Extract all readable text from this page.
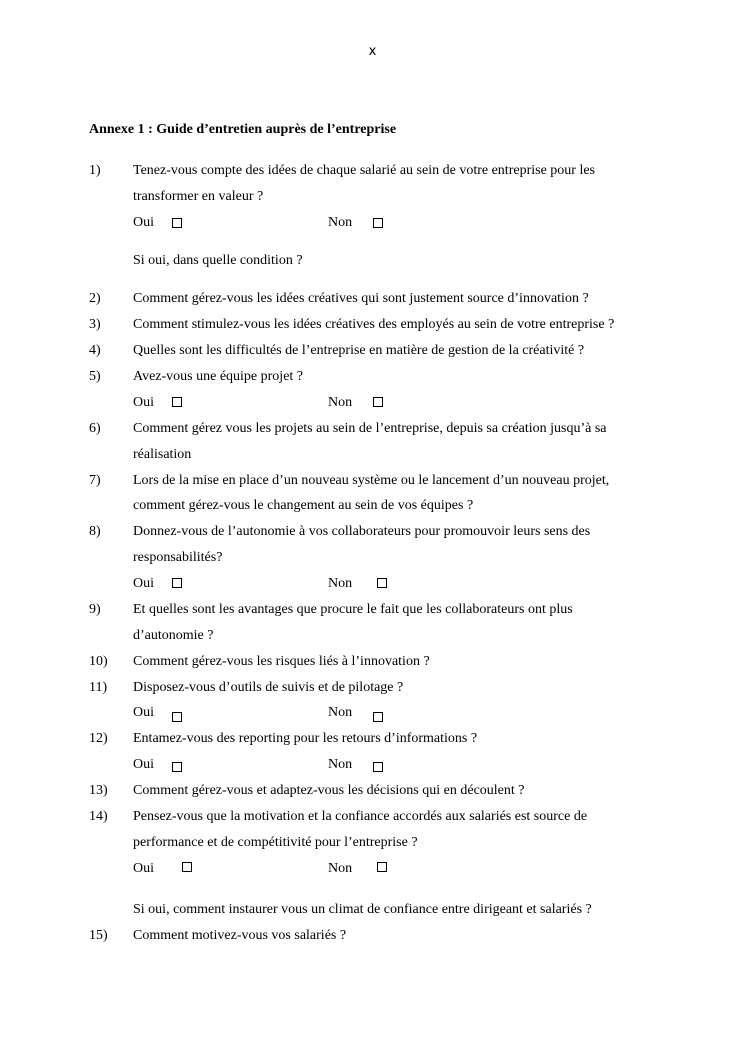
x
Annexe 1 : Guide d’entretien auprès de l’entreprise
1) Tenez-vous compte des idées de chaque salarié au sein de votre entreprise pour les
transformer en valeur ?
Oui	Non
Si oui, dans quelle condition ?
2) Comment gérez-vous les idées créatives qui sont justement source d’innovation ?
3) Comment stimulez-vous les idées créatives des employés au sein de votre entreprise ?
4) Quelles sont les difficultés de l’entreprise en matière de gestion de la créativité ?
5) Avez-vous une équipe projet ?
Oui	Non
6) Comment gérez vous les projets au sein de l’entreprise, depuis sa création jusqu’à sa
réalisation
7) Lors de la mise en place d’un nouveau système ou le lancement d’un nouveau projet,
comment gérez-vous le changement au sein de vos équipes ?
8) Donnez-vous de l’autonomie à vos collaborateurs pour promouvoir leurs sens des
responsabilités?
Oui	Non
9) Et quelles sont les avantages que procure le fait que les collaborateurs ont plus
d’autonomie ?
10) Comment gérez-vous les risques liés à l’innovation ?
11) Disposez-vous d’outils de suivis et de pilotage ?
Oui	Non
12) Entamez-vous des reporting pour les retours d’informations ?
Oui	Non
13) Comment gérez-vous et adaptez-vous les décisions qui en découlent ?
14) Pensez-vous que la motivation et la confiance accordés aux salariés est source de
performance et de compétitivité pour l’entreprise ?
Oui	Non
Si oui, comment instaurer vous un climat de confiance entre dirigeant et salariés ?
15) Comment motivez-vous vos salariés ?
